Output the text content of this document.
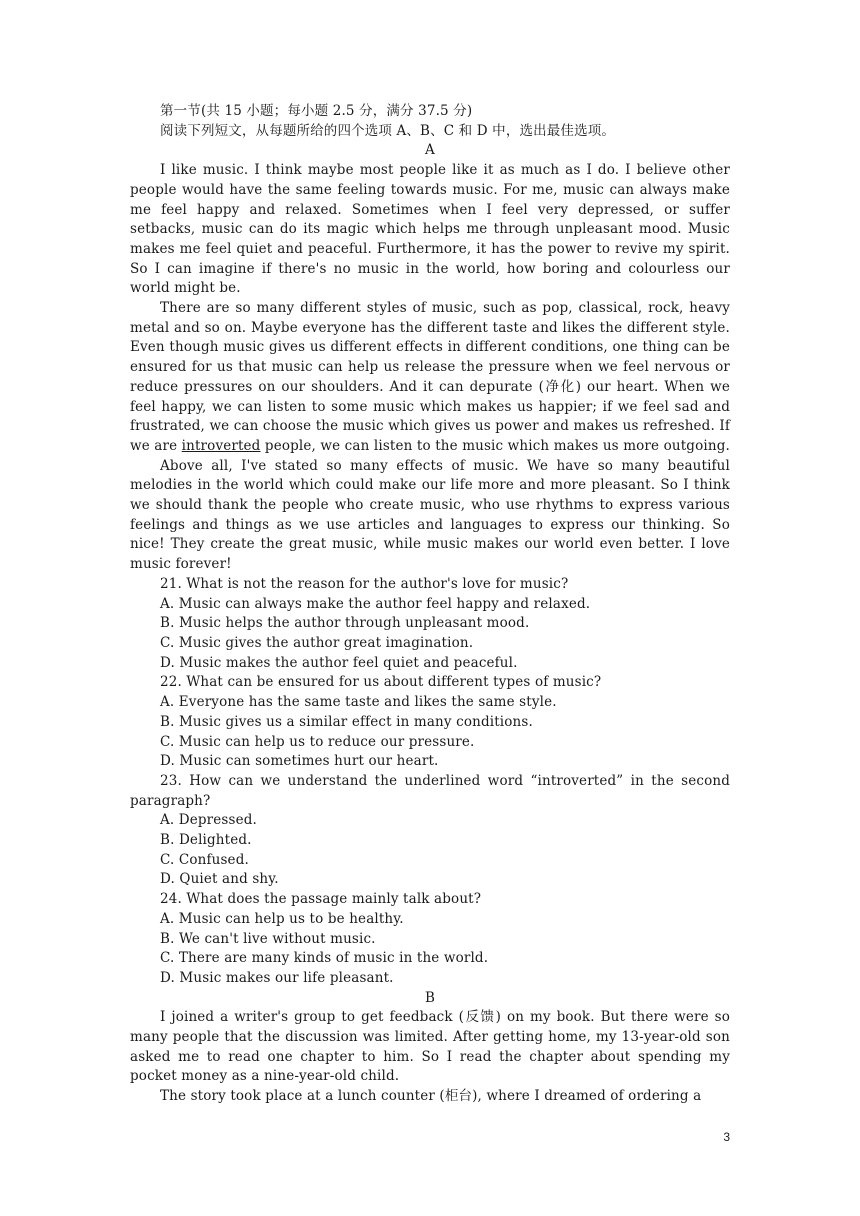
第一节(共 15 小题；每小题 2.5 分，满分 37.5 分)

阅读下列短文，从每题所给的四个选项 A、B、C 和 D 中，选出最佳选项。

A

I like music. I think maybe most people like it as much as I do. I believe other people would have the same feeling towards music. For me, music can always make me feel happy and relaxed. Sometimes when I feel very depressed, or suffer setbacks, music can do its magic which helps me through unpleasant mood. Music makes me feel quiet and peaceful. Furthermore, it has the power to revive my spirit. So I can imagine if there's no music in the world, how boring and colourless our world might be.

There are so many different styles of music, such as pop, classical, rock, heavy metal and so on. Maybe everyone has the different taste and likes the different style. Even though music gives us different effects in different conditions, one thing can be ensured for us that music can help us release the pressure when we feel nervous or reduce pressures on our shoulders. And it can depurate (净化) our heart. When we feel happy, we can listen to some music which makes us happier; if we feel sad and frustrated, we can choose the music which gives us power and makes us refreshed. If we are introverted people, we can listen to the music which makes us more outgoing.

Above all, I've stated so many effects of music. We have so many beautiful melodies in the world which could make our life more and more pleasant. So I think we should thank the people who create music, who use rhythms to express various feelings and things as we use articles and languages to express our thinking. So nice! They create the great music, while music makes our world even better. I love music forever!

21. What is not the reason for the author's love for music?

A. Music can always make the author feel happy and relaxed.

B. Music helps the author through unpleasant mood.

C. Music gives the author great imagination.

D. Music makes the author feel quiet and peaceful.

22. What can be ensured for us about different types of music?

A. Everyone has the same taste and likes the same style.

B. Music gives us a similar effect in many conditions.

C. Music can help us to reduce our pressure.

D. Music can sometimes hurt our heart.

23. How can we understand the underlined word “introverted” in the second paragraph?

A. Depressed.

B. Delighted.

C. Confused.

D. Quiet and shy.

24. What does the passage mainly talk about?

A. Music can help us to be healthy.

B. We can't live without music.

C. There are many kinds of music in the world.

D. Music makes our life pleasant.

B

I joined a writer's group to get feedback (反馈) on my book. But there were so many people that the discussion was limited. After getting home, my 13-year-old son asked me to read one chapter to him. So I read the chapter about spending my pocket money as a nine-year-old child.

The story took place at a lunch counter (柜台), where I dreamed of ordering a

3
